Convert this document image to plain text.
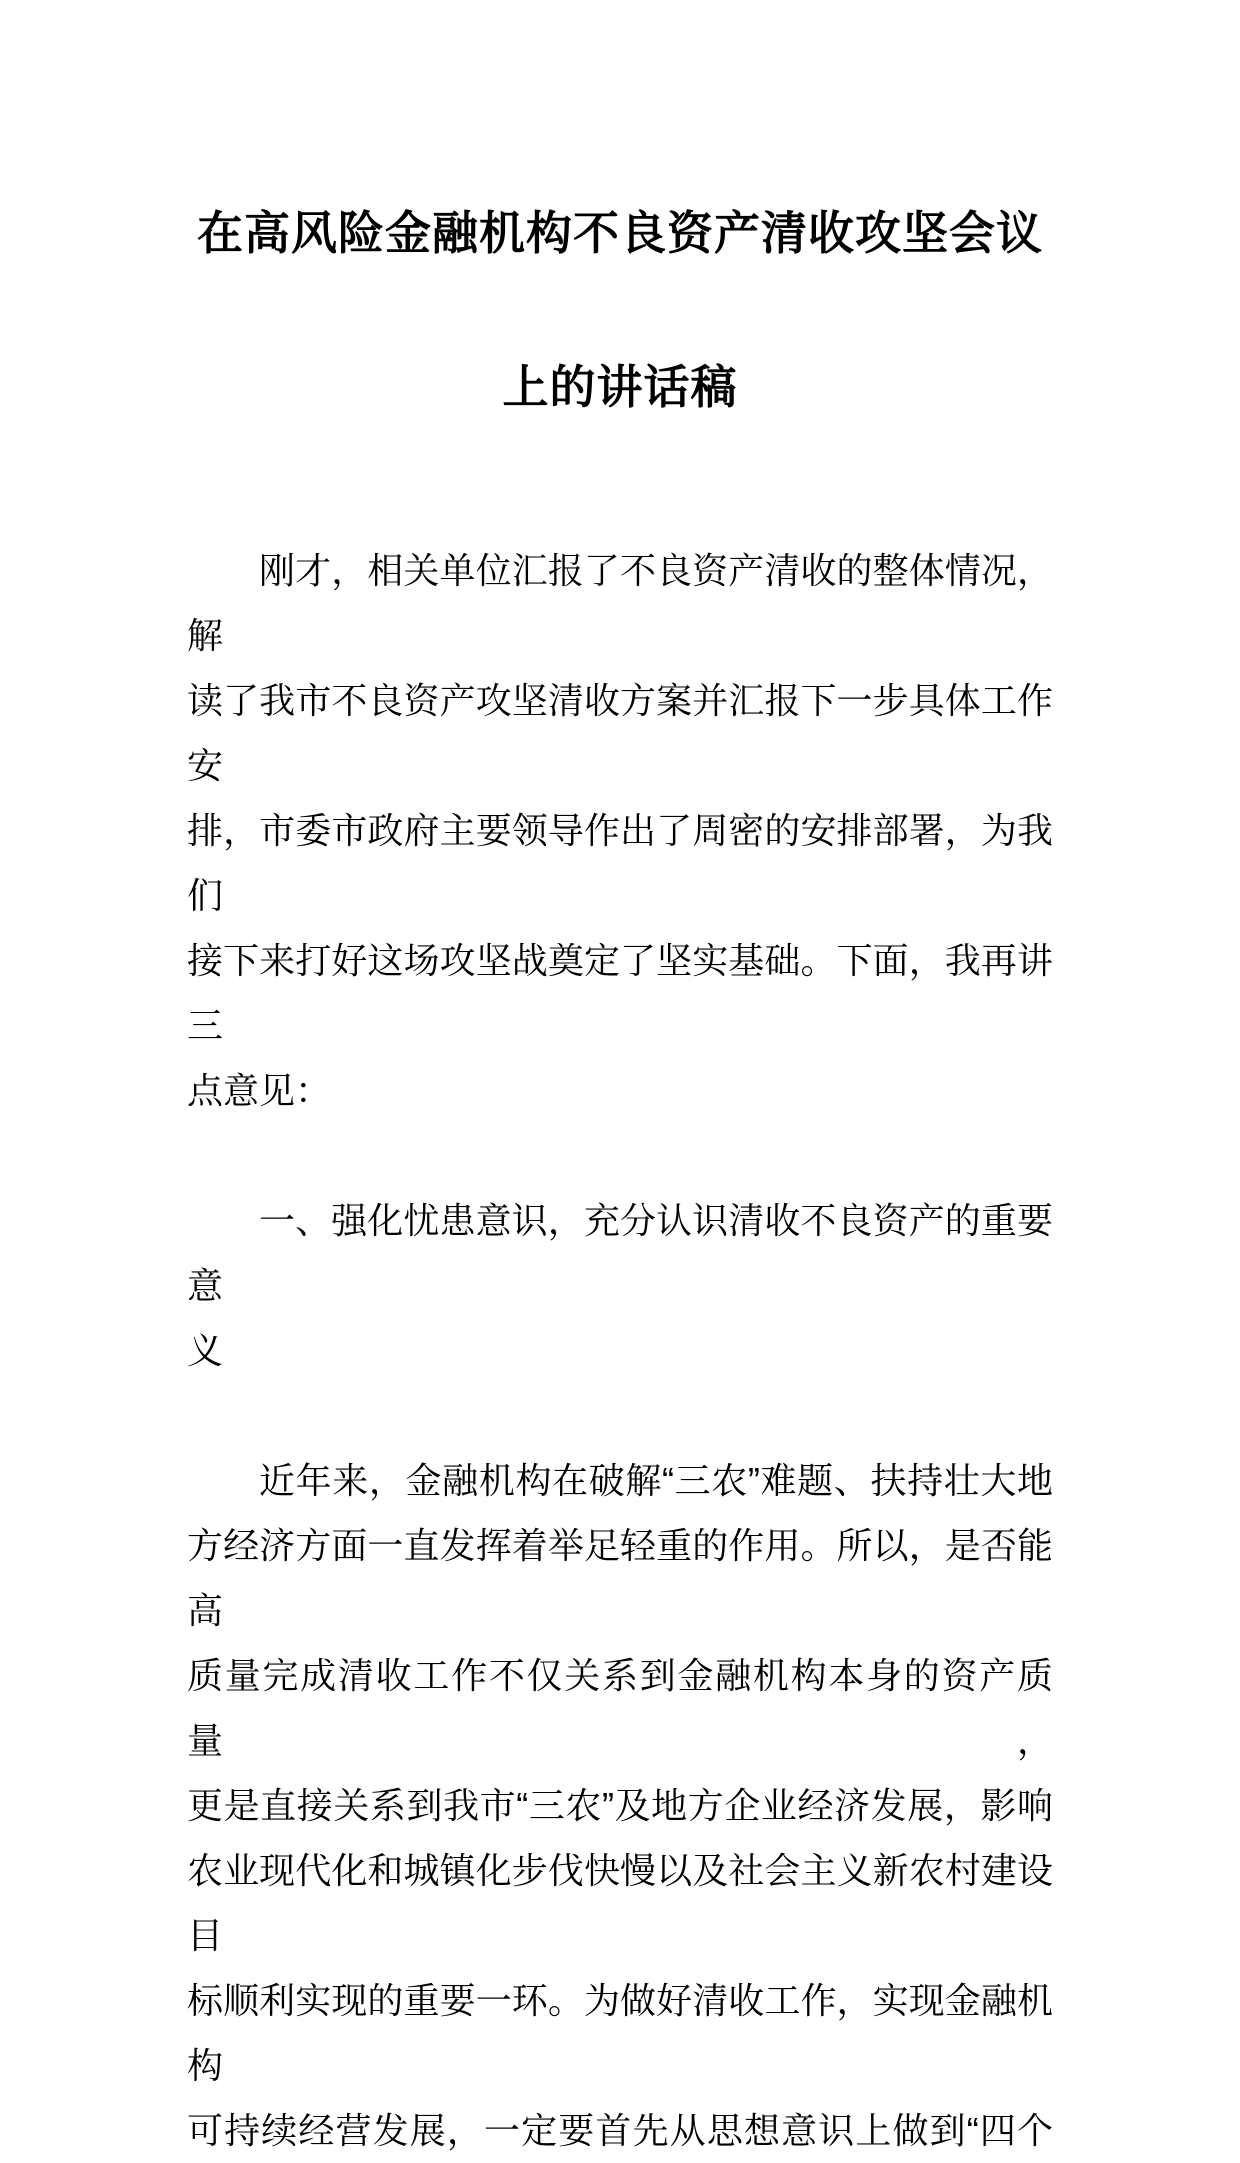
在高风险金融机构不良资产清收攻坚会议
上的讲话稿
刚才，相关单位汇报了不良资产清收的整体情况，解
读了我市不良资产攻坚清收方案并汇报下一步具体工作安
排，市委市政府主要领导作出了周密的安排部署，为我们
接下来打好这场攻坚战奠定了坚实基础。下面，我再讲三
点意见：
一、强化忧患意识，充分认识清收不良资产的重要意
义
近年来，金融机构在破解“三农”难题、扶持壮大地
方经济方面一直发挥着举足轻重的作用。所以，是否能高
质量完成清收工作不仅关系到金融机构本身的资产质量，
更是直接关系到我市“三农”及地方企业经济发展，影响
农业现代化和城镇化步伐快慢以及社会主义新农村建设目
标顺利实现的重要一环。为做好清收工作，实现金融机构
可持续经营发展，一定要首先从思想意识上做到“四个
